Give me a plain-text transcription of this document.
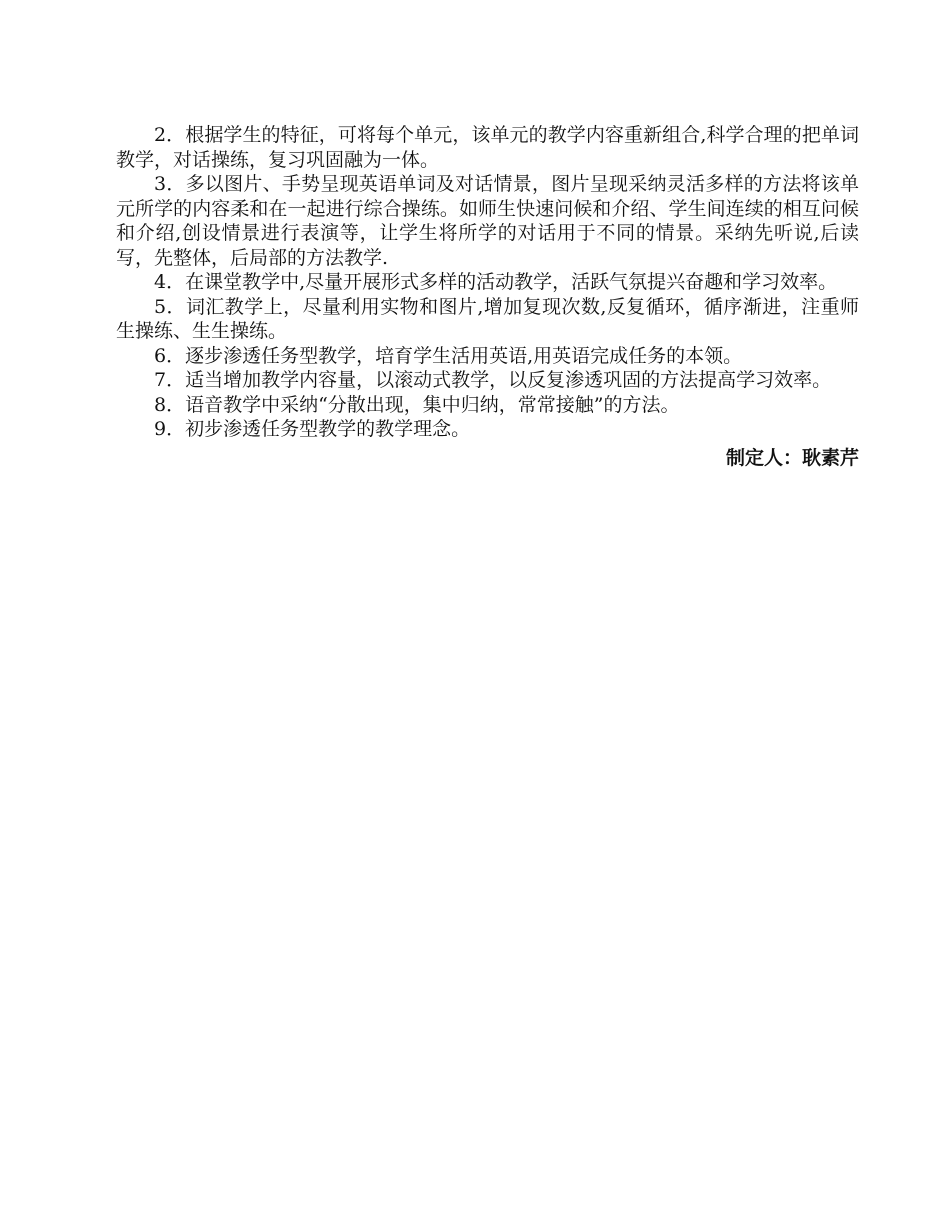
2．根据学生的特征，可将每个单元，该单元的教学内容重新组合,科学合理的把单词教学，对话操练，复习巩固融为一体。

3．多以图片、手势呈现英语单词及对话情景，图片呈现采纳灵活多样的方法将该单元所学的内容柔和在一起进行综合操练。如师生快速问候和介绍、学生间连续的相互问候和介绍,创设情景进行表演等，让学生将所学的对话用于不同的情景。采纳先听说,后读写，先整体，后局部的方法教学.

4．在课堂教学中,尽量开展形式多样的活动教学，活跃气氛提兴奋趣和学习效率。

5．词汇教学上，尽量利用实物和图片,增加复现次数,反复循环，循序渐进，注重师生操练、生生操练。

6．逐步渗透任务型教学，培育学生活用英语,用英语完成任务的本领。

7．适当增加教学内容量，以滚动式教学，以反复渗透巩固的方法提高学习效率。

8．语音教学中采纳“分散出现，集中归纳，常常接触”的方法。

9．初步渗透任务型教学的教学理念。

制定人：耿素芹
